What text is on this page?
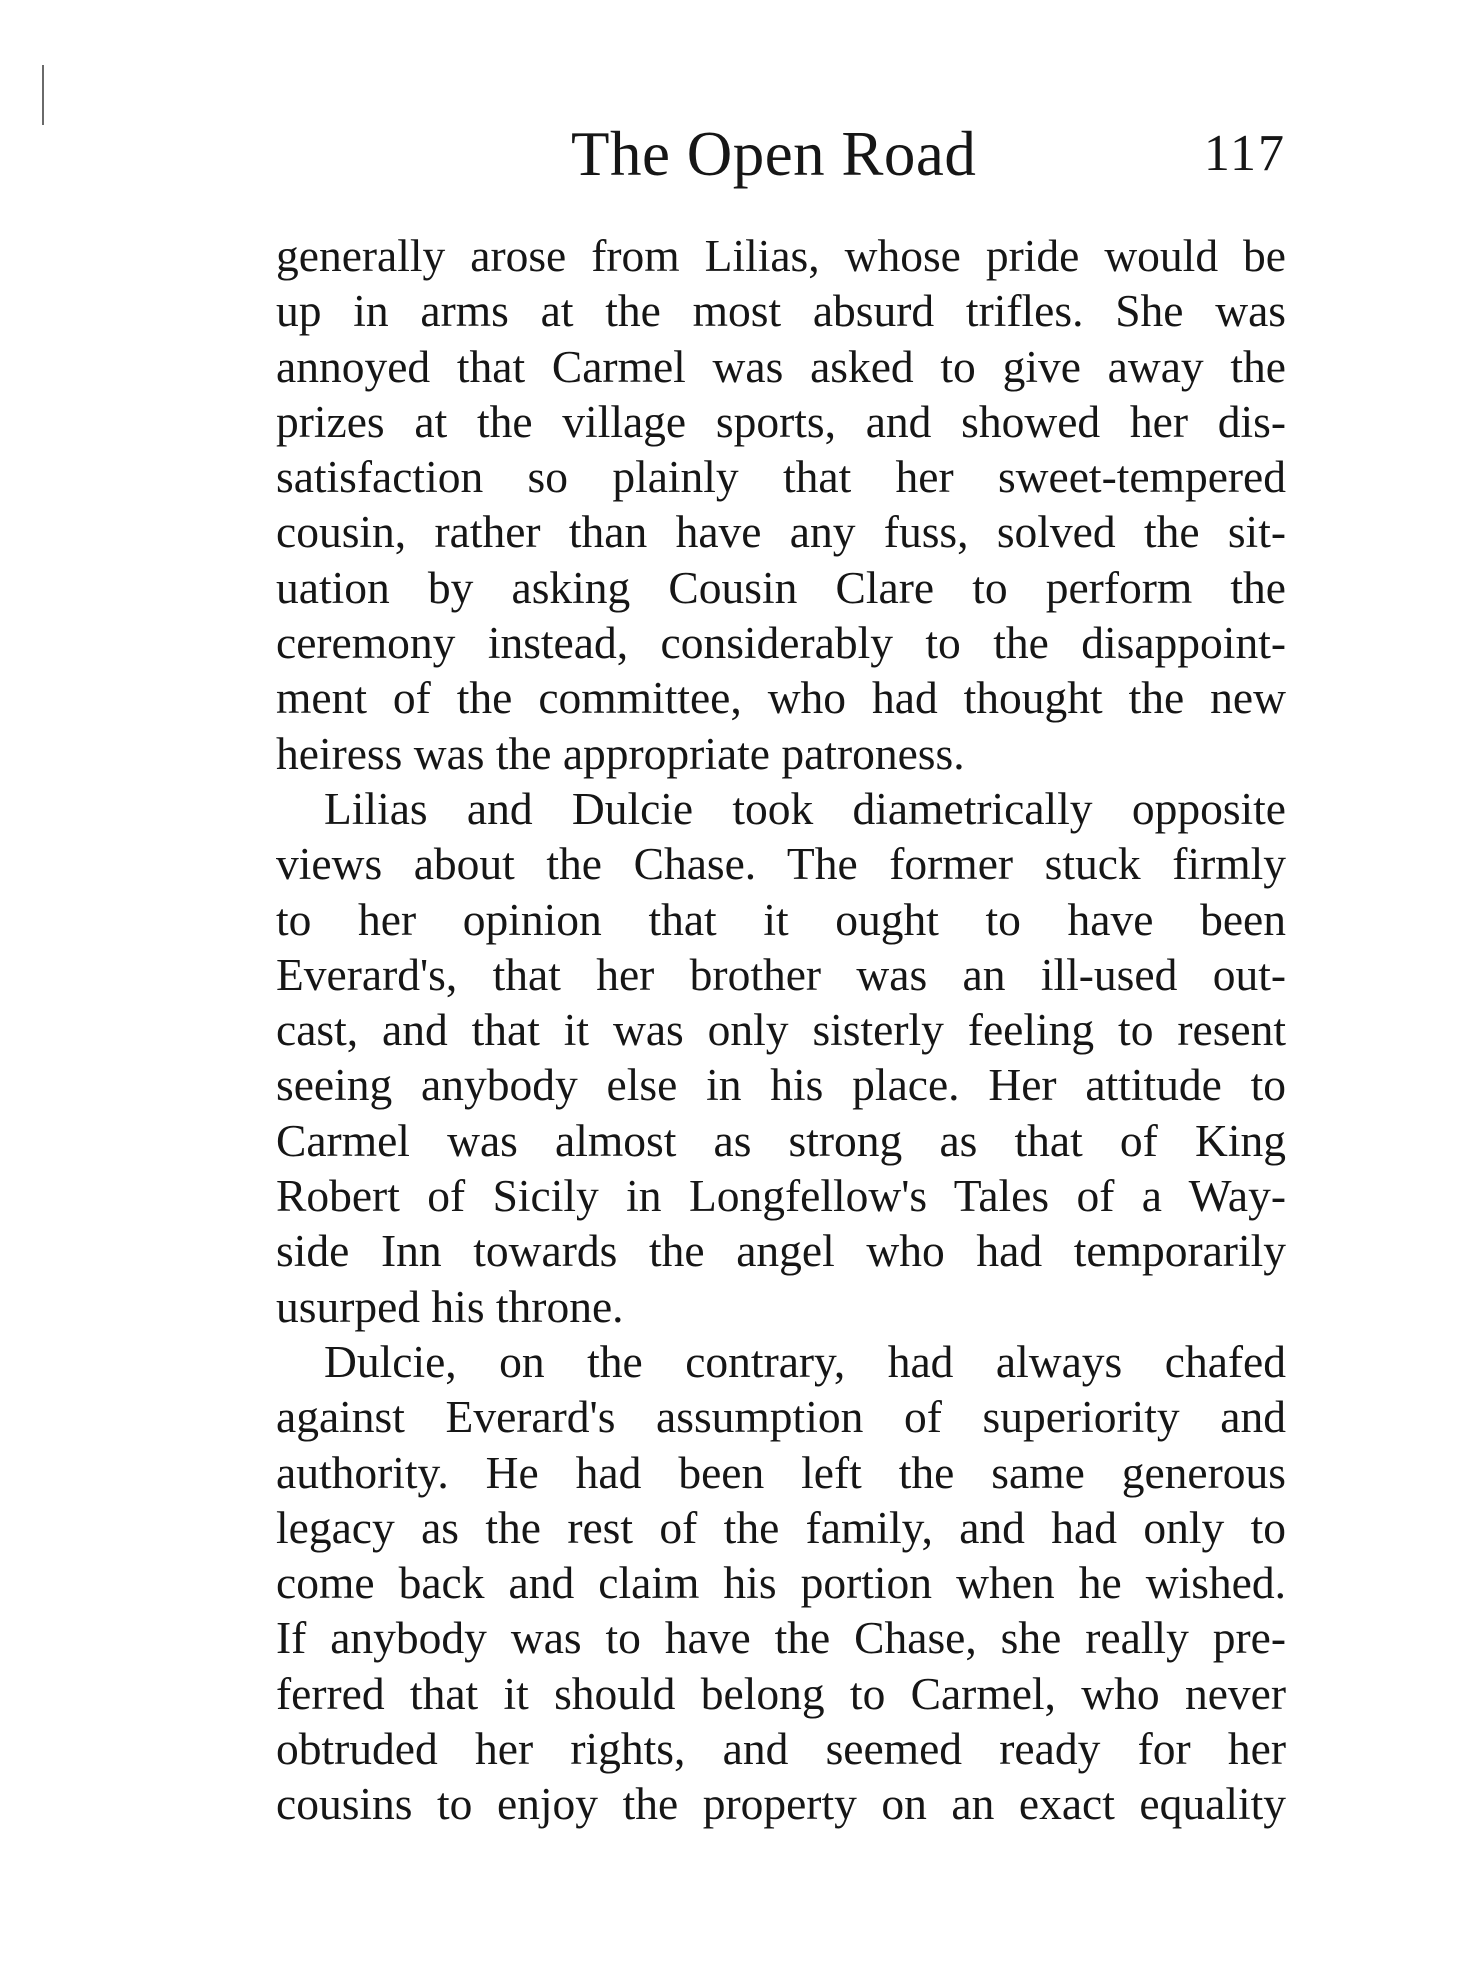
The Open Road	117
generally arose from Lilias, whose pride would be
up in arms at the most absurd trifles. She was
annoyed that Carmel was asked to give away the
prizes at the village sports, and showed her dis-
satisfaction so plainly that her sweet-tempered
cousin, rather than have any fuss, solved the sit-
uation by asking Cousin Clare to perform the
ceremony instead, considerably to the disappoint-
ment of the committee, who had thought the new
heiress was the appropriate patroness.
Lilias and Dulcie took diametrically opposite
views about the Chase. The former stuck firmly
to her opinion that it ought to have been
Everard's, that her brother was an ill-used out-
cast, and that it was only sisterly feeling to resent
seeing anybody else in his place. Her attitude to
Carmel was almost as strong as that of King
Robert of Sicily in Longfellow's Tales of a Way-
side Inn towards the angel who had temporarily
usurped his throne.
Dulcie, on the contrary, had always chafed
against Everard's assumption of superiority and
authority. He had been left the same generous
legacy as the rest of the family, and had only to
come back and claim his portion when he wished.
If anybody was to have the Chase, she really pre-
ferred that it should belong to Carmel, who never
obtruded her rights, and seemed ready for her
cousins to enjoy the property on an exact equality
